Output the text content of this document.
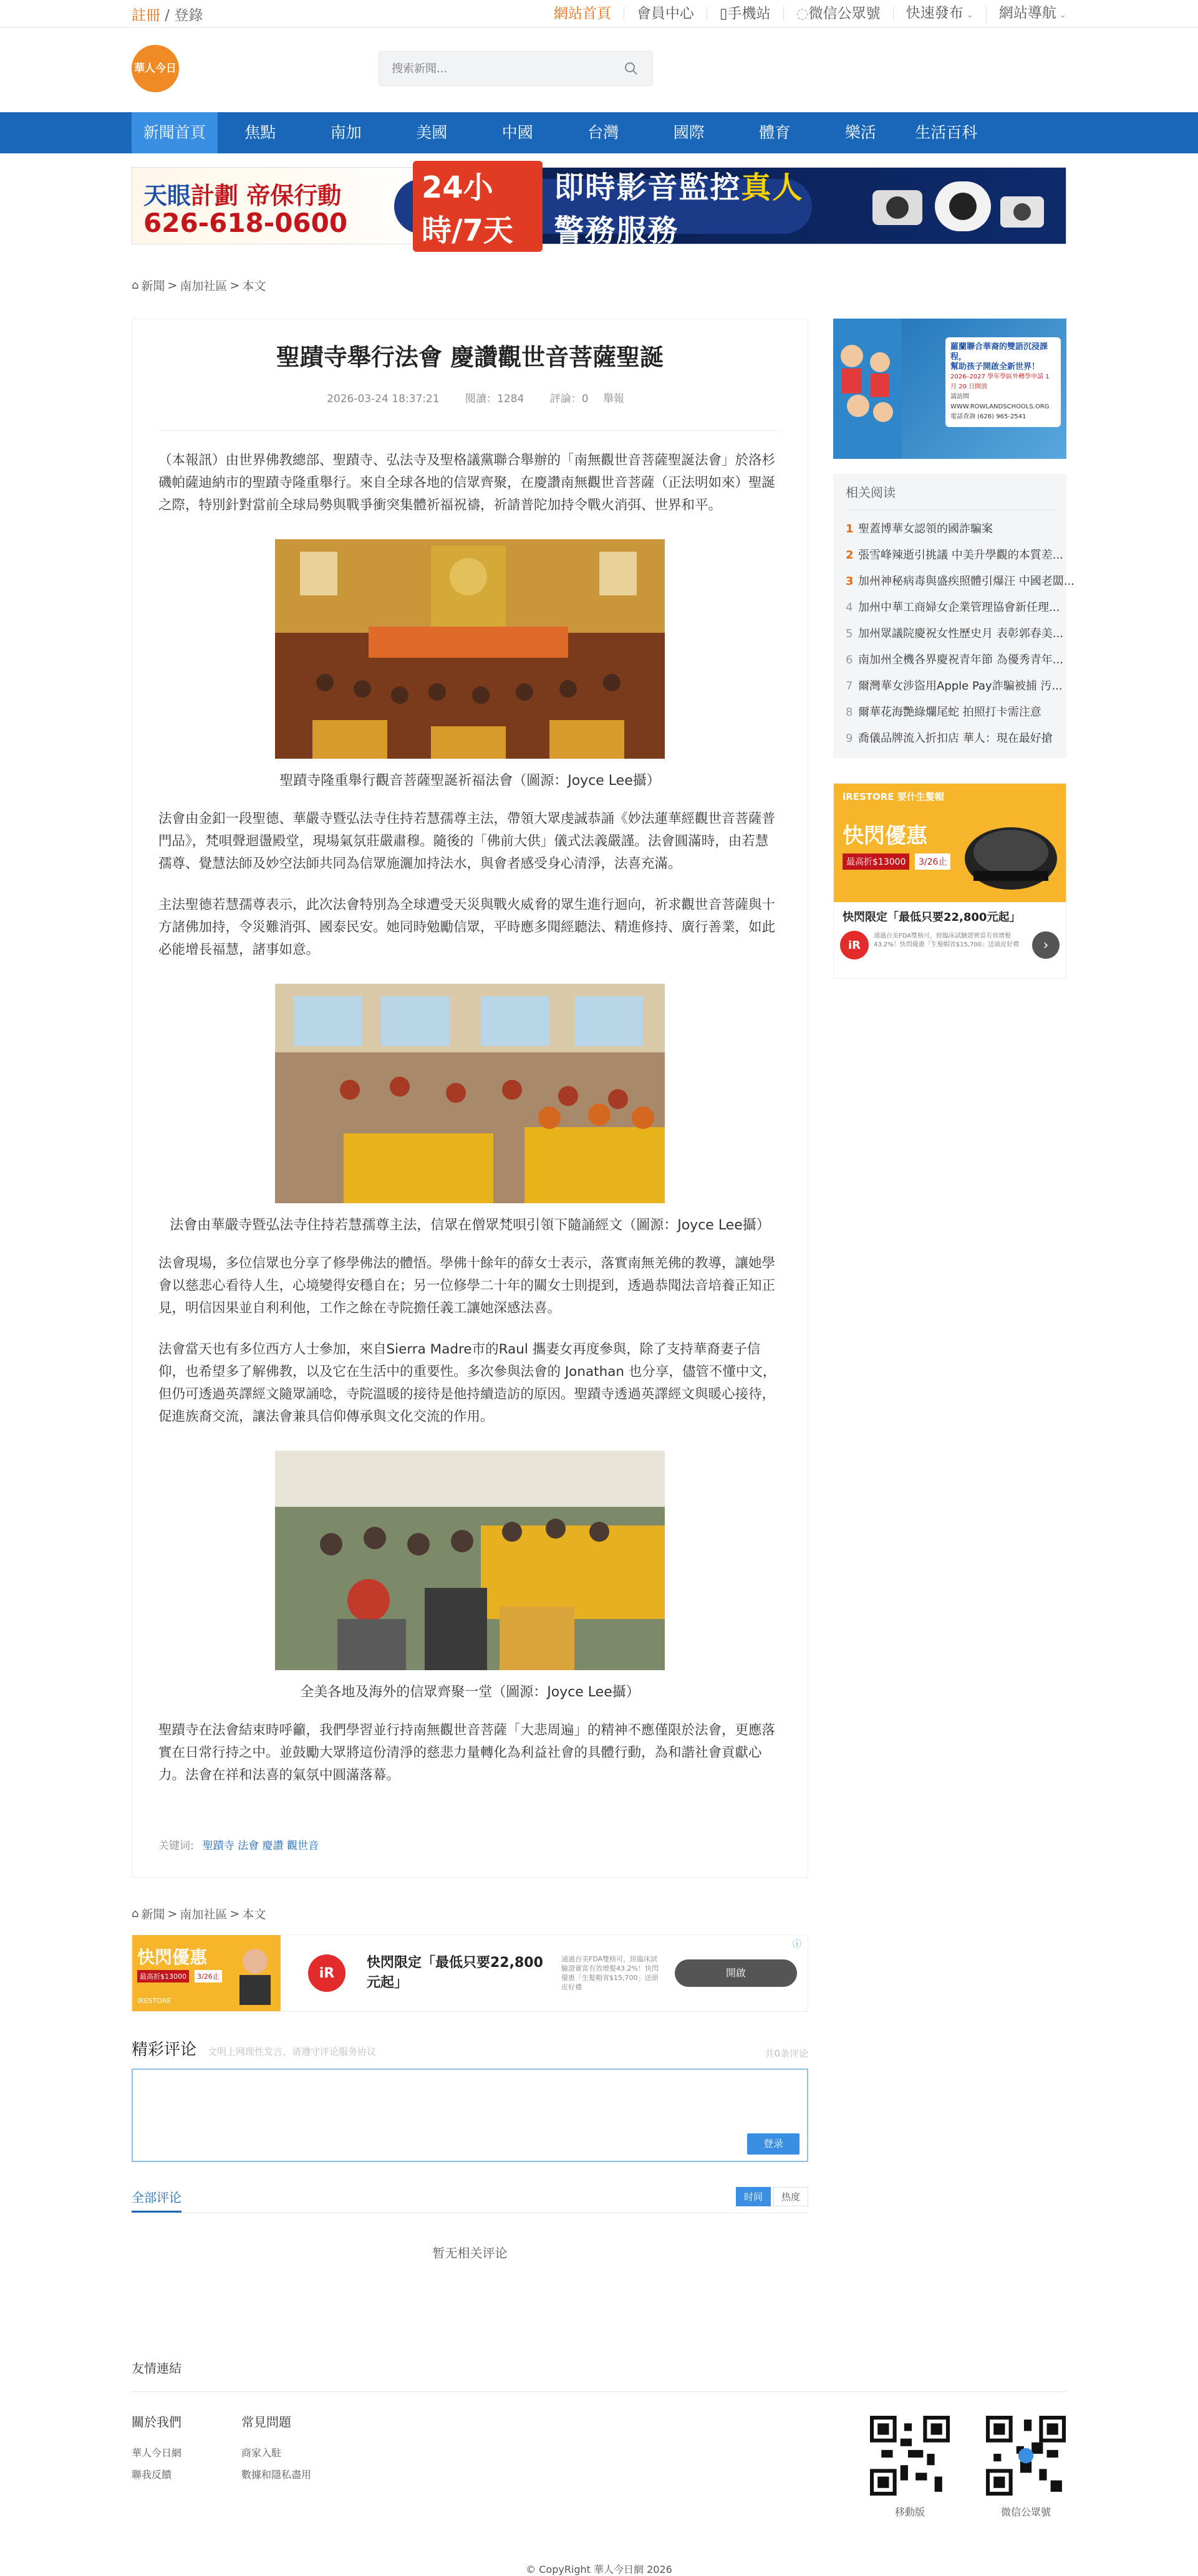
註冊 / 登錄	網站首頁	會員中心	▯手機站	◌微信公眾號	快速發布 ⌄	網站導航 ⌄
華人今日
搜索新聞...
新聞首頁	焦點	南加	美國	中國	台灣	國際	體育	樂活	生活百科
天眼計劃 帝保行動
626-618-0600
24小時/7天
即時影音監控真人警務服務
⌂ 新聞 > 南加社區 > 本文
聖蹟寺舉行法會 慶讚觀世音菩薩聖誕
2026-03-24 18:37:21 閱讀：1284 評論：0 舉報

（本報訊）由世界佛教總部、聖蹟寺、弘法寺及聖格議黨聯合舉辦的「南無觀世音菩薩聖誕法會」於洛杉磯帕薩迪納市的聖蹟寺隆重舉行。來自全球各地的信眾齊聚，在慶讚南無觀世音菩薩（正法明如來）聖誕之際，特別針對當前全球局勢與戰爭衝突集體祈福祝禱，祈請普陀加持令戰火消弭、世界和平。

聖蹟寺隆重舉行觀音菩薩聖誕祈福法會（圖源：Joyce Lee攝）

法會由金釦一段聖德、華嚴寺暨弘法寺住持若慧孺尊主法，帶領大眾虔誠恭誦《妙法蓮華經觀世音菩薩普門品》，梵唄聲迴盪殿堂，現場氣氛莊嚴肅穆。隨後的「佛前大供」儀式法義嚴謹。法會圓滿時，由若慧孺尊、覺慧法師及妙空法師共同為信眾施灑加持法水，與會者感受身心清淨，法喜充滿。

主法聖德若慧孺尊表示，此次法會特別為全球遭受天災與戰火威脅的眾生進行迴向，祈求觀世音菩薩與十方諸佛加持，令災難消弭、國泰民安。她同時勉勵信眾，平時應多聞經聽法、精進修持、廣行善業，如此必能增長福慧，諸事如意。

法會由華嚴寺暨弘法寺住持若慧孺尊主法，信眾在僧眾梵唄引領下隨誦經文（圖源：Joyce Lee攝）

法會現場，多位信眾也分享了修學佛法的體悟。學佛十餘年的薛女士表示，落實南無羌佛的教導，讓她學會以慈悲心看待人生，心境變得安穩自在；另一位修學二十年的關女士則提到，透過恭聞法音培養正知正見，明信因果並自利利他，工作之餘在寺院擔任義工讓她深感法喜。

法會當天也有多位西方人士參加，來自Sierra Madre市的Raul 攜妻女再度參與，除了支持華裔妻子信仰，也希望多了解佛教，以及它在生活中的重要性。多次參與法會的 Jonathan 也分享，儘管不懂中文，但仍可透過英譯經文隨眾誦唸，寺院溫暖的接待是他持續造訪的原因。聖蹟寺透過英譯經文與暖心接待，促進族裔交流，讓法會兼具信仰傳承與文化交流的作用。

全美各地及海外的信眾齊聚一堂（圖源：Joyce Lee攝）

聖蹟寺在法會結束時呼籲，我們學習並行持南無觀世音菩薩「大悲周遍」的精神不應僅限於法會，更應落實在日常行持之中。並鼓勵大眾將這份清淨的慈悲力量轉化為利益社會的具體行動，為和諧社會貢獻心力。法會在祥和法喜的氣氛中圓滿落幕。

关键词: 聖蹟寺 法會 慶讚 觀世音
羅蘭聯合華裔的雙語沉浸課程，
幫助孩子開啟全新世界！
2026–2027 學年學區外轉學申請 1 月 20 日開放
請訪問 WWW.ROWLANDSCHOOLS.ORG
電話查詢 (626) 965-2541
相关阅读
1 聖蓋博華女認領的國詐騙案
2 張雪峰辣逝引挑議 中美升學觀的本質差...
3 加州神秘病毒與盛疾照體引爆汪 中國老闆...
4 加州中華工商婦女企業管理協會新任理...
5 加州眾議院慶祝女性歷史月 表彰郭春美...
6 南加州全機各界慶祝青年節 為優秀青年...
7 爾灣華女涉盜用Apple Pay詐騙被捕 汚...
8 爾華花海艷綠爛尾蛇 拍照打卡需注意
9 喬儀品牌流入折扣店 華人：現在最好搶
iRESTORE 要什生髮帽
快閃優惠
最高折$13000	3/26止
快閃限定「最低只要22,800元起」
iR
通過台美FDA雙核可，經臨床試驗證實當有效增髮43.2%！快閃優惠「生髮帽省$15,700」送頭皮好禮	›
⌂ 新聞 > 南加社區 > 本文
快閃優惠
最高折$13000	3/26止
iRESTORE
iR
快閃限定「最低只要22,800元起」
通過台美FDA雙核可，經臨床試驗證實當有效增髮43.2%！快閃優惠「生髮帽省$15,700」送頭皮好禮
開啟
ⓘ
精彩评论 文明上网理性发言，请遵守评论服务协议	共0条评论
登录
全部评论	时间	热度
暂无相关评论
友情連結
關於我們
華人今日網
聯我反饋
常見問題
商家入駐
數據和隱私盡用
移動版	微信公眾號
© CopyRight 華人今日網 2026
